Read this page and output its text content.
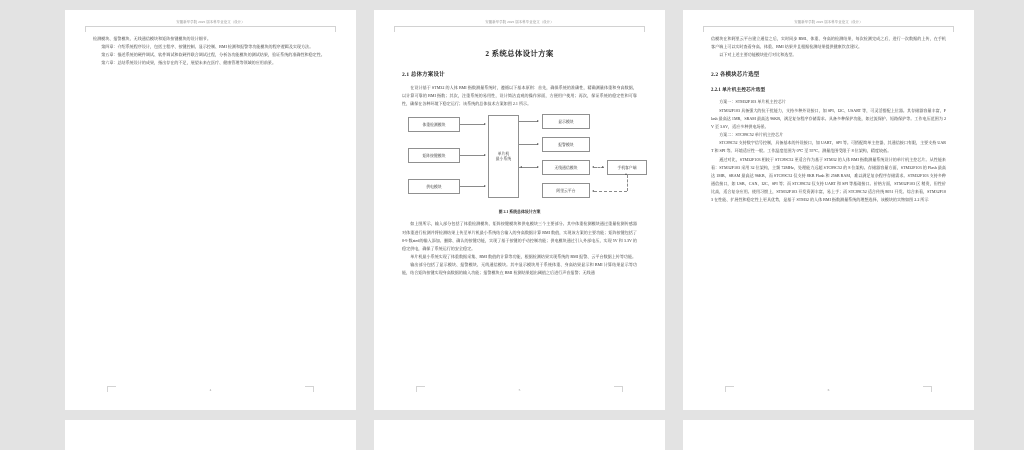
安徽新华学院 2025 届本科毕业论文（设计）

检测模块、报警模块、无线通信模块和矩阵按键模块的设计细节。

第四章：介绍系统程序设计，包括主程序、按键控制、显示控制、BMI 检测和报警等功能模块的程序逻辑及实现方法。

第五章：描述系统的硬件调试、软件调试和软硬件联合调试过程，分析各功能模块的测试结果，验证系统的准确性和稳定性。

第六章：总结系统设计的成果，指出存在的不足，展望未来在医疗、健康管理等领域的应用前景。

4
安徽新华学院 2025 届本科毕业论文（设计）
2 系统总体设计方案
2.1 总体方案设计

在设计基于 STM32 的人体 BMI 指数测量系统时，遵循以下基本原则：首先，确保系统的准确性，精确测量体重和身高数据，以计算可靠的 BMI 指数；其次，注重系统的易用性，设计简洁直观的操作界面，方便用户使用；再次，保证系统的稳定性和可靠性，确保在各种环境下稳定运行；该系统的总体技术方案如图 2.1 所示。

体重检测模块
矩阵按键模块
供电模块
单片机
最小系统
显示模块
报警模块
无线通信模块
阿里云平台
手机客户端
图 2.1 系统总体设计方案

如上图所示，输入部分包括了体重检测模块、矩阵按键模块和供电模块三个主要部分。其中体重检测模块通过重量检测传感器对体重进行检测并将检测结果上传至单片机最小系统结合输入的身高数据计算 BMI 数值，实现该方案的主要功能；矩阵按键包括了 0-9 数ated的输入添加、删除、确认的按键功能，实现了基于按键的手动控制功能；供电模块通过引入外部电压，实现 5V 和 3.3V 的稳定供电，确保了系统运行的安全稳定。

单片机最小系统实现了体重数据采集、BMI 数值的计算等功能，根据检测结果实现系统的 BMI 报警、云平台数据上传等功能。

输出部分包括了显示模块、报警模块、无线通信模块。其中显示模块用于系统体重、身高结果显示和 BMI 计算结果显示等功能，结合矩阵按键实现身高数据的输入功能；报警模块在 BMI 检测结果超出阈值之后进行声音报警；无线通

5
安徽新华学院 2025 届本科毕业论文（设计）

信模块在和阿里云平台建立通信之后，实时同步 BMI、体重、身高的检测结果，每次检测完成之后，进行一次数据的上传，在手机客户端上可以实时查看身高、体重、BMI 结果并且根据检测结果提供健康饮食建议。

以下对上述主要功能模块进行对比和选型。

2.2 各模块芯片选型
2.2.1 单片机主控芯片选型

方案一：STM32F103 单片机主控芯片

STM32F103 具备强大的抗干扰能力，支持多种外设接口，如 SPI、I2C、USART 等，可灵活搭配上位器。其存储器容量丰富，Flash 最高达 1MB，SRAM 最高达 96KB，满足复杂程序存储需求。具备多种保护功能，如过流保护、短路保护等。工作电压范围为 2V 至 3.6V，适应多种供电场景。

方案二：STC89C52 单片机主控芯片

STC89C52 支持数字信号控制，具备基本的外设接口，如 UART、SPI 等。可搭配简单主控器，其通信接口有限，主要支持 UART 和 SPI 等。环境适应性一般。工作温度范围为 0℃ 至 55℃。测量范围受限于 8 位架构，精度较低。

通过对比，STM32F103 相较于 STC89C52 更适合作为基于 STM32 的人体 BMI 指数测量系统设计的单片机主控芯片。从性能来看：STM32F103 采用 32 位架构，主频 72MHz，处理能力远超 STC89C52 的 8 位架构。存储器容量方面，STM32F103 的 Flash 最高达 1MB、SRAM 最高达 96KB，而 STC89C52 仅支持 8KB Flash 和 256B RAM，难以满足复杂程序存储需求。STM32F103 支持多种通信接口，如 USB、CAN、I2C、SPI 等；而 STC89C52 仅支持 UART 和 SPI 等基础接口。价格方面，STM32F103 区 稍贵，但性价比高，适合复杂应用。使用习惯上，STM32F103 开发资源丰富，易上手；而 STC89C52 适合传统 8051 开发。综合来看，STM32F103 在性能、扩展性和稳定性上更具优势，是基于 STM32 的人体 BMI 指数测量系统的理想选择，该模块的实物如图 2.2 所示

6
